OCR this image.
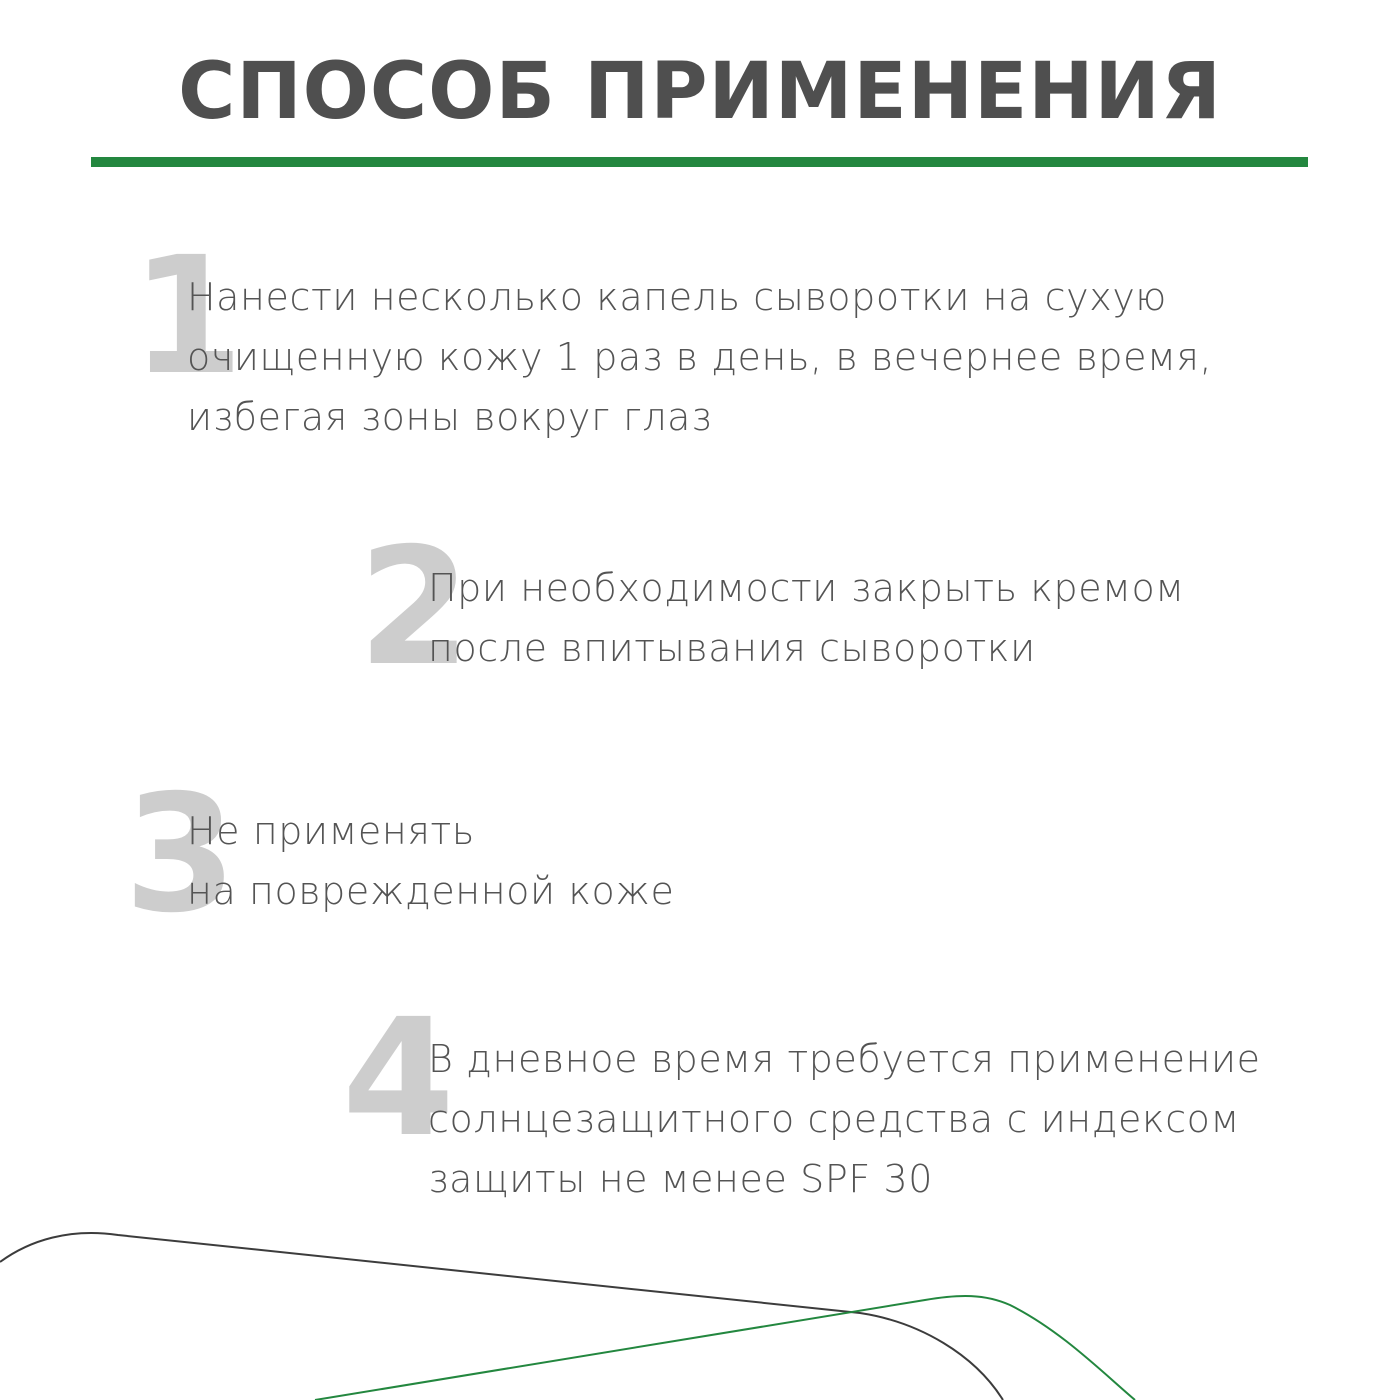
СПОСОБ ПРИМЕНЕНИЯ
1
Нанести несколько капель сыворотки на сухую
очищенную кожу 1 раз в день, в вечернее время,
избегая зоны вокруг глаз
2
При необходимости закрыть кремом
после впитывания сыворотки
3
Не применять
на поврежденной коже
4
В дневное время требуется применение
солнцезащитного средства с индексом
защиты не менее SPF 30
